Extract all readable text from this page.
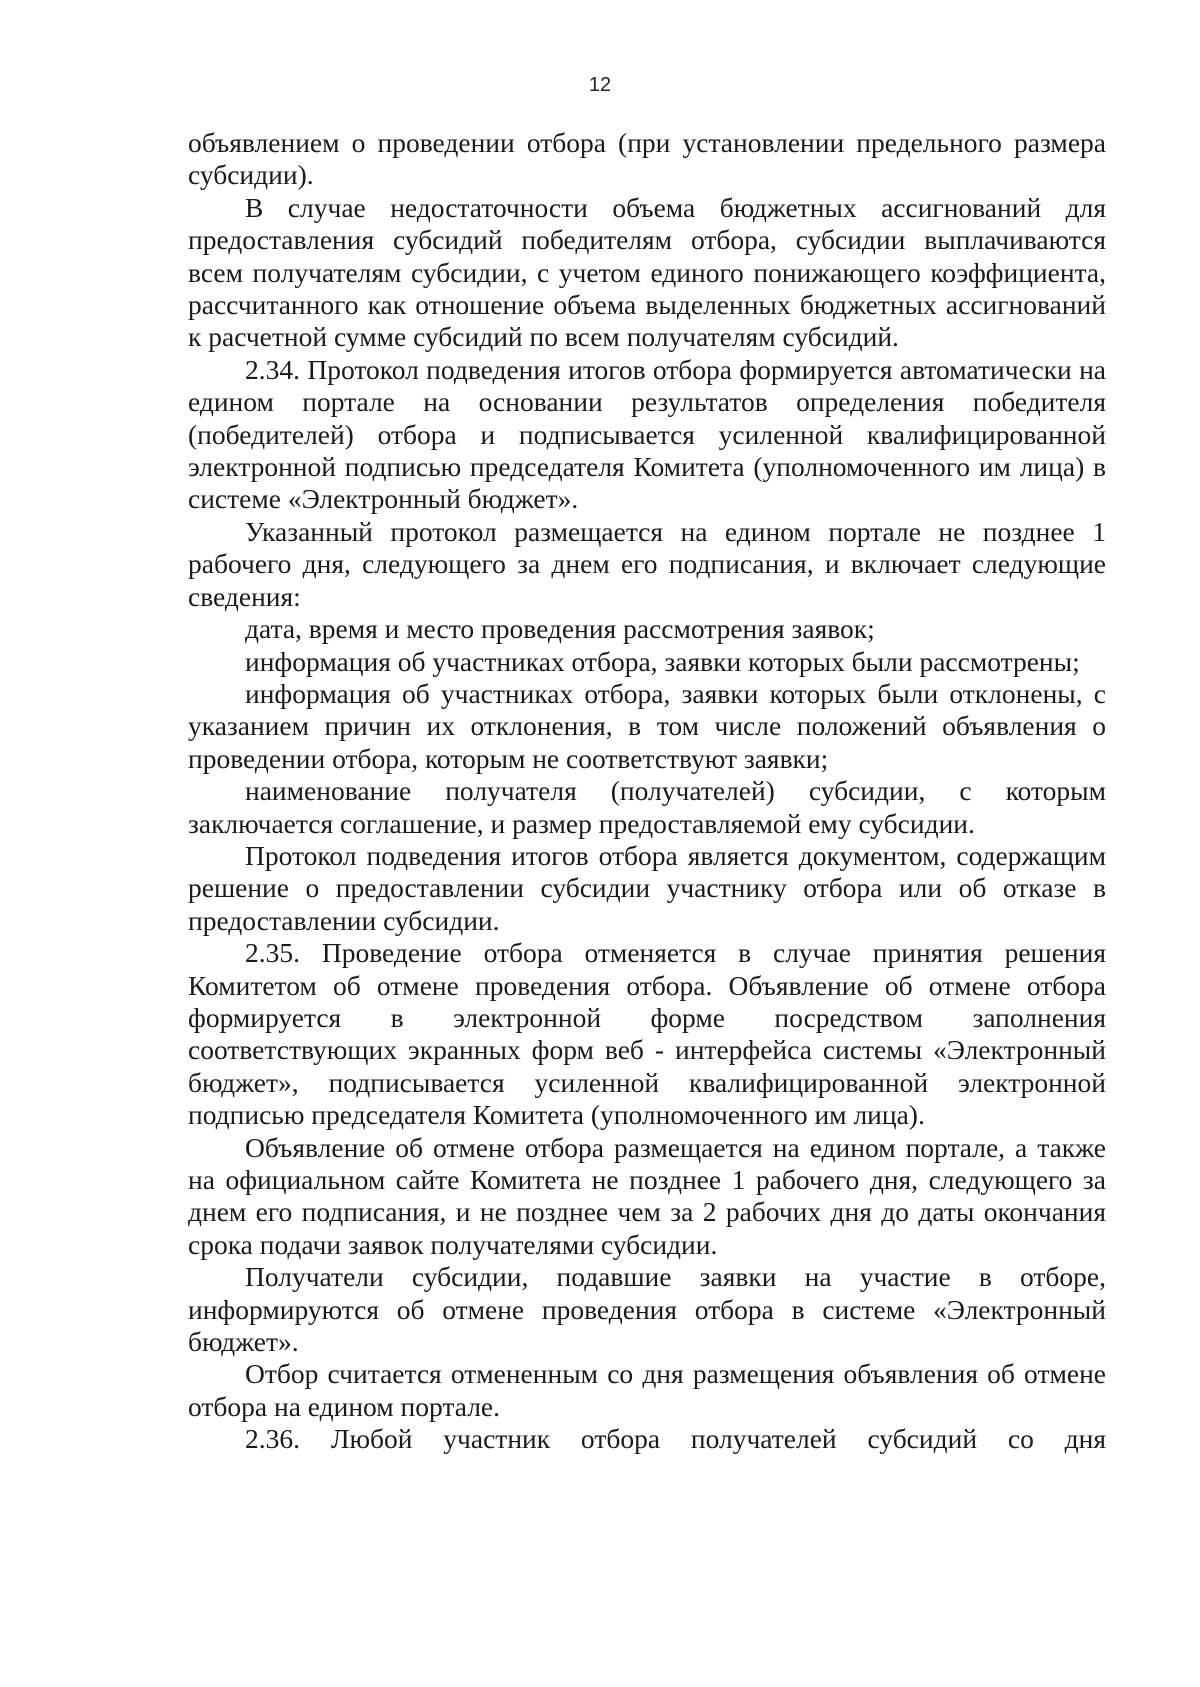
12

объявлением о проведении отбора (при установлении предельного размера субсидии).

В случае недостаточности объема бюджетных ассигнований для предоставления субсидий победителям отбора, субсидии выплачиваются всем получателям субсидии, с учетом единого понижающего коэффициента, рассчитанного как отношение объема выделенных бюджетных ассигнований к расчетной сумме субсидий по всем получателям субсидий.

2.34. Протокол подведения итогов отбора формируется автоматически на едином портале на основании результатов определения победителя (победителей) отбора и подписывается усиленной квалифицированной электронной подписью председателя Комитета (уполномоченного им лица) в системе «Электронный бюджет».

Указанный протокол размещается на едином портале не позднее 1 рабочего дня, следующего за днем его подписания, и включает следующие сведения:

дата, время и место проведения рассмотрения заявок;

информация об участниках отбора, заявки которых были рассмотрены;

информация об участниках отбора, заявки которых были отклонены, с указанием причин их отклонения, в том числе положений объявления о проведении отбора, которым не соответствуют заявки;

наименование получателя (получателей) субсидии, с которым заключается соглашение, и размер предоставляемой ему субсидии.

Протокол подведения итогов отбора является документом, содержащим решение о предоставлении субсидии участнику отбора или об отказе в предоставлении субсидии.

2.35. Проведение отбора отменяется в случае принятия решения Комитетом об отмене проведения отбора. Объявление об отмене отбора формируется в электронной форме посредством заполнения соответствующих экранных форм веб - интерфейса системы «Электронный бюджет», подписывается усиленной квалифицированной электронной подписью председателя Комитета (уполномоченного им лица).

Объявление об отмене отбора размещается на едином портале, а также на официальном сайте Комитета не позднее 1 рабочего дня, следующего за днем его подписания, и не позднее чем за 2 рабочих дня до даты окончания срока подачи заявок получателями субсидии.

Получатели субсидии, подавшие заявки на участие в отборе, информируются об отмене проведения отбора в системе «Электронный бюджет».

Отбор считается отмененным со дня размещения объявления об отмене отбора на едином портале.

2.36. Любой участник отбора получателей субсидий со дня
